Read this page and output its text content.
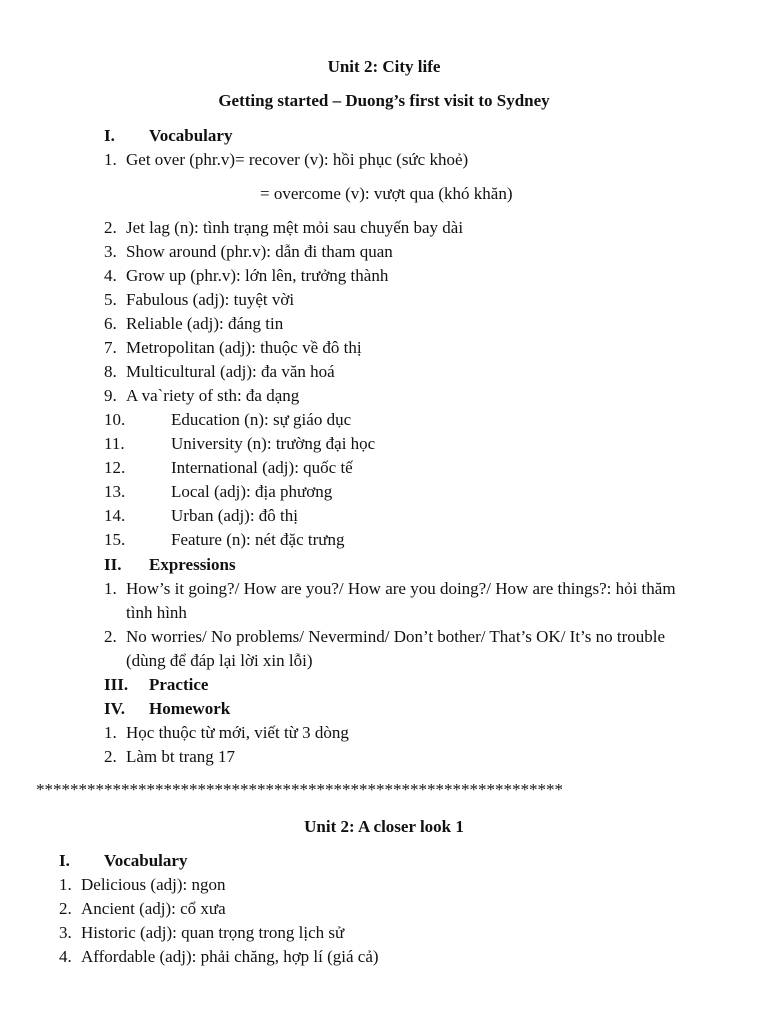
Unit 2: City life
Getting started – Duong’s first visit to Sydney
I. Vocabulary
1. Get over (phr.v)= recover (v): hồi phục (sức khoẻ)
= overcome (v): vượt qua (khó khăn)
2. Jet lag (n): tình trạng mệt mỏi sau chuyến bay dài
3. Show around (phr.v): dẫn đi tham quan
4. Grow up (phr.v): lớn lên, trưởng thành
5. Fabulous (adj): tuyệt vời
6. Reliable (adj): đáng tin
7. Metropolitan (adj): thuộc về đô thị
8. Multicultural (adj): đa văn hoá
9. A va`riety of sth: đa dạng
10.	Education (n): sự giáo dục
11.	University (n): trường đại học
12.	International (adj): quốc tế
13.	Local (adj): địa phương
14.	Urban (adj): đô thị
15.	Feature (n): nét đặc trưng
II. Expressions
1. How’s it going?/ How are you?/ How are you doing?/ How are things?: hỏi thăm
tình hình
2. No worries/ No problems/ Nevermind/ Don’t bother/ That’s OK/ It’s no trouble
(dùng để đáp lại lời xin lỗi)
III. Practice
IV. Homework
1. Học thuộc từ mới, viết từ 3 dòng
2. Làm bt trang 17
**************************************************************
Unit 2: A closer look 1
I. Vocabulary
1. Delicious (adj): ngon
2. Ancient (adj): cổ xưa
3. Historic (adj): quan trọng trong lịch sử
4. Affordable (adj): phải chăng, hợp lí (giá cả)
